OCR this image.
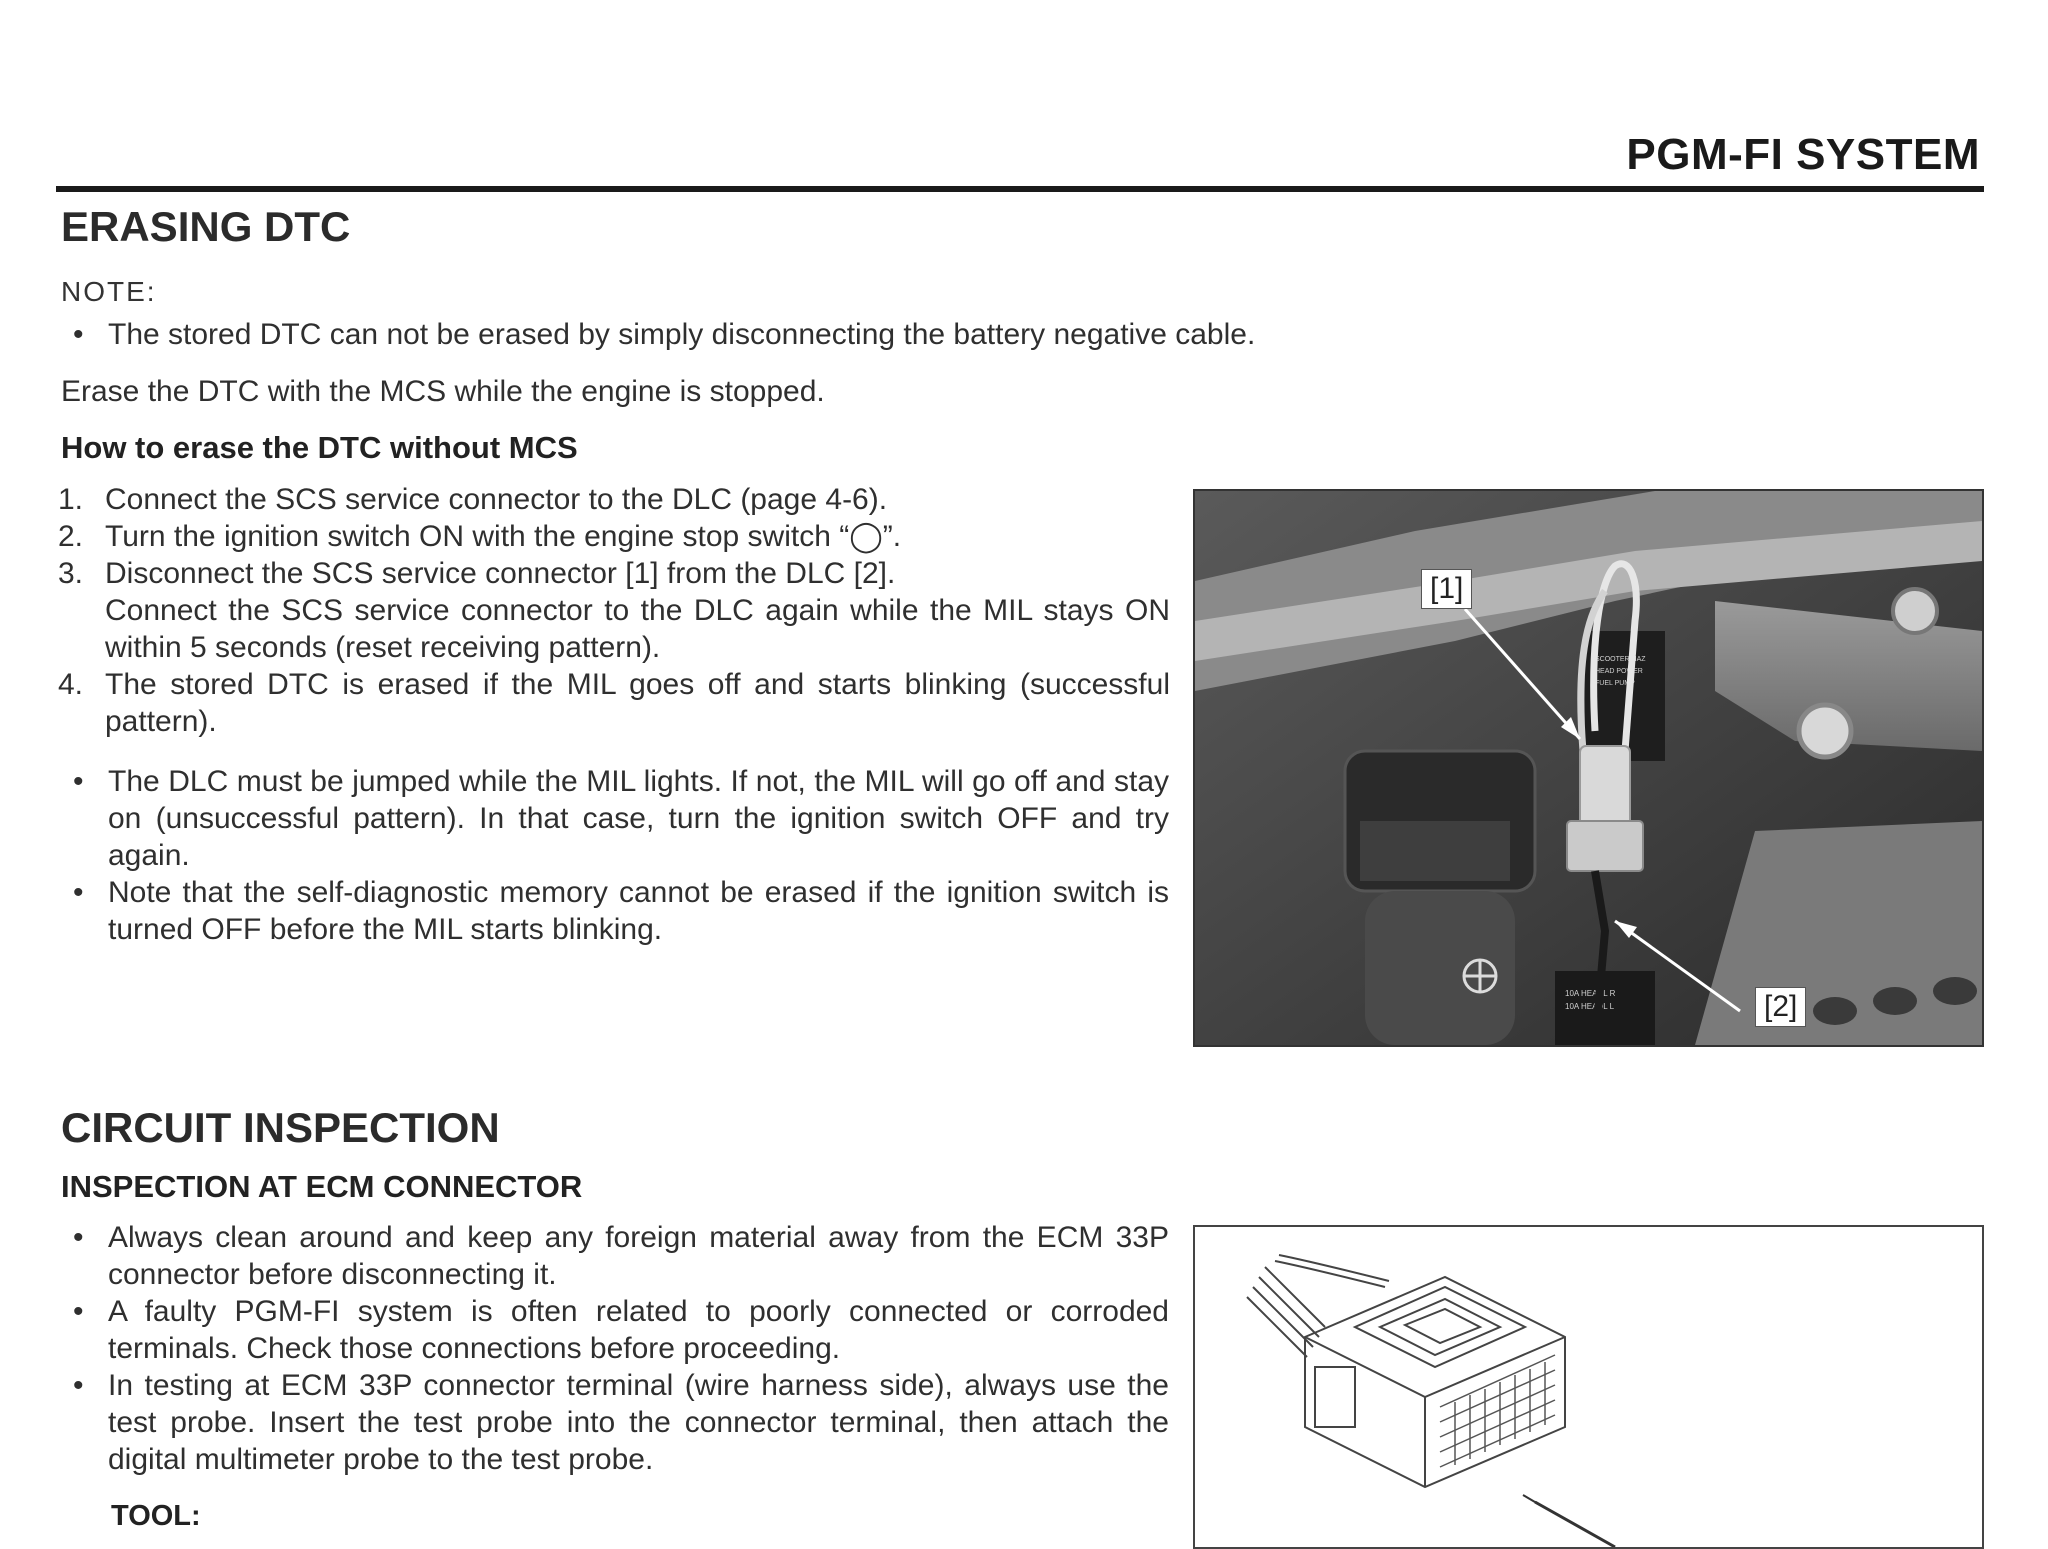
PGM-FI SYSTEM
ERASING DTC
NOTE:
• The stored DTC can not be erased by simply disconnecting the battery negative cable.
Erase the DTC with the MCS while the engine is stopped.
How to erase the DTC without MCS
1. Connect the SCS service connector to the DLC (page 4-6).
2. Turn the ignition switch ON with the engine stop switch “◯”.
3. Disconnect the SCS service connector [1] from the DLC [2].
Connect the SCS service connector to the DLC again while the MIL stays ON within 5 seconds (reset receiving pattern).
4. The stored DTC is erased if the MIL goes off and starts blinking (successful pattern).
• The DLC must be jumped while the MIL lights. If not, the MIL will go off and stay on (unsuccessful pattern). In that case, turn the ignition switch OFF and try again.
• Note that the self-diagnostic memory cannot be erased if the ignition switch is turned OFF before the MIL starts blinking.
SCOOTER HAZ
HEAD POWER
FUEL PUMP
10A HEADL R
10A HEADL L
[1]
[2]
CIRCUIT INSPECTION
INSPECTION AT ECM CONNECTOR
• Always clean around and keep any foreign material away from the ECM 33P connector before disconnecting it.
• A faulty PGM-FI system is often related to poorly connected or corroded terminals. Check those connections before proceeding.
• In testing at ECM 33P connector terminal (wire harness side), always use the test probe. Insert the test probe into the connector terminal, then attach the digital multimeter probe to the test probe.
TOOL:
